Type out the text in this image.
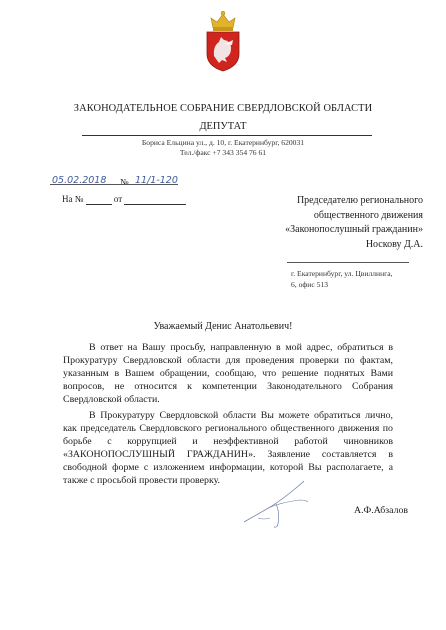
ЗАКОНОДАТЕЛЬНОЕ СОБРАНИЕ СВЕРДЛОВСКОЙ ОБЛАСТИ
ДЕПУТАТ
Бориса Ельцина ул., д. 10, г. Екатеринбург, 620031
Тел./факс +7 343 354 76 61
05.02.2018 № 11/1-120
На №	от	Председателю регионального
общественного движения
«Законопослушный гражданин»
Носкову Д.А.
г. Екатеринбург, ул. Цвиллинга,
6, офис 513
Уважаемый Денис Анатольевич!

В ответ на Вашу просьбу, направленную в мой адрес, обратиться в Прокуратуру Свердловской области для проведения проверки по фактам, указанным в Вашем обращении, сообщаю, что решение поднятых Вами вопросов, не относится к компетенции Законодательного Собрания Свердловской области.

В Прокуратуру Свердловской области Вы можете обратиться лично, как председатель Свердловского регионального общественного движения по борьбе с коррупцией и неэффективной работой чиновников «ЗАКОНОПОСЛУШНЫЙ ГРАЖДАНИН». Заявление составляется в свободной форме с изложением информации, которой Вы располагаете, а также с просьбой провести проверку.

А.Ф.Абзалов
